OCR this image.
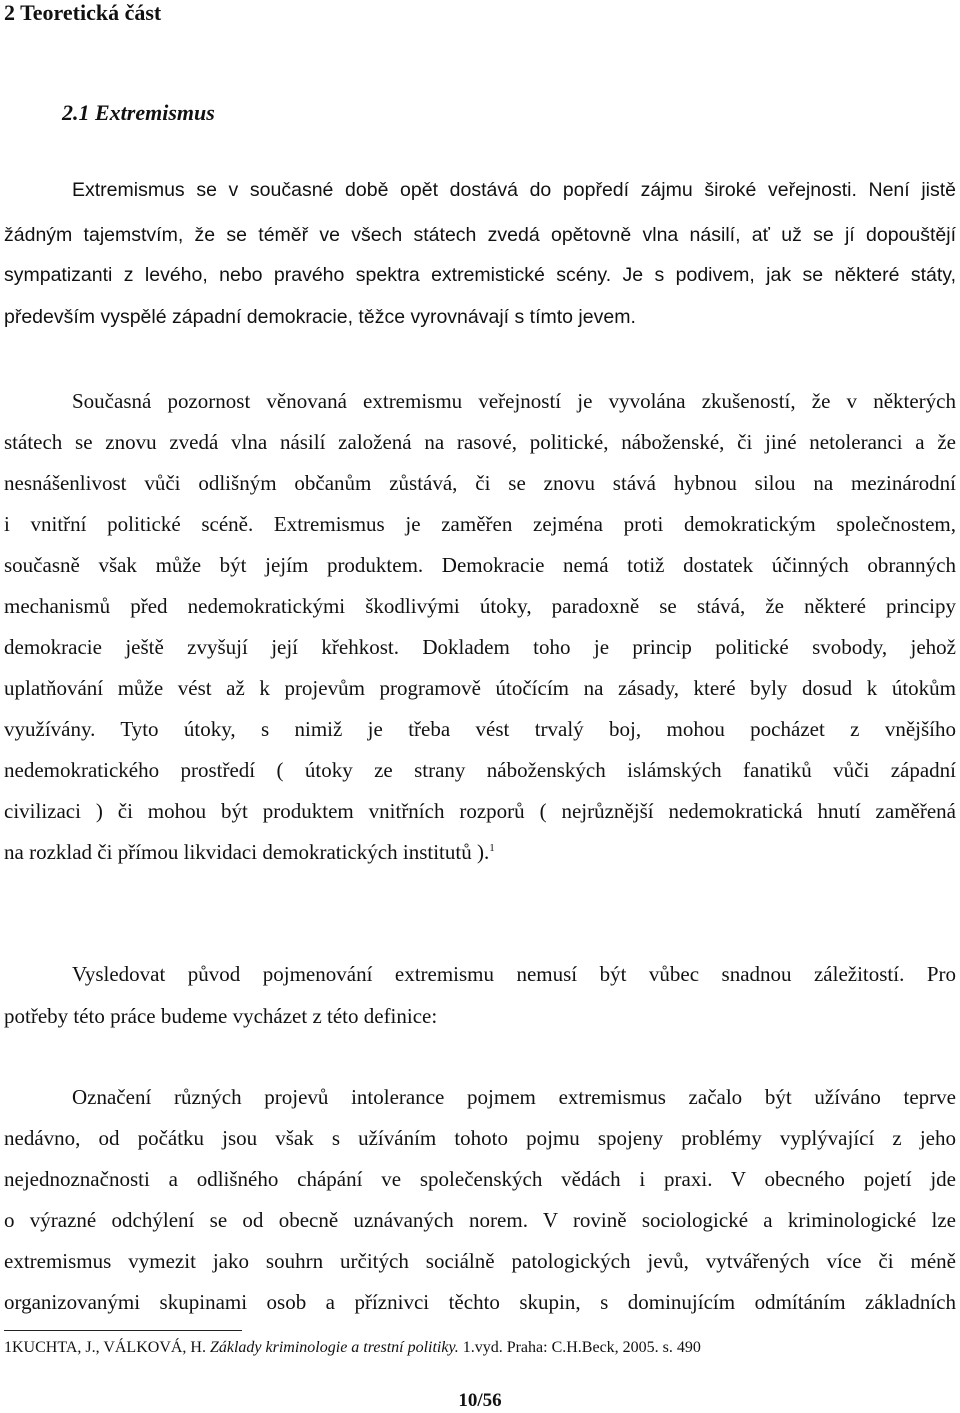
2 Teoretická část
2.1 Extremismus
Extremismus se v současné době opět dostává do popředí zájmu široké veřejnosti. Není jistě
žádným tajemstvím, že se téměř ve všech státech zvedá opětovně vlna násilí, ať už se jí dopouštějí
sympatizanti z levého, nebo pravého spektra extremistické scény. Je s podivem, jak se některé státy,
především vyspělé západní demokracie, těžce vyrovnávají s tímto jevem.
Současná pozornost věnovaná extremismu veřejností je vyvolána zkušeností, že v některých
státech se znovu zvedá vlna násilí založená na rasové, politické, náboženské, či jiné netoleranci a že
nesnášenlivost vůči odlišným občanům zůstává, či se znovu stává hybnou silou na mezinárodní
i vnitřní politické scéně. Extremismus je zaměřen zejména proti demokratickým společnostem,
současně však může být jejím produktem. Demokracie nemá totiž dostatek účinných obranných
mechanismů před nedemokratickými škodlivými útoky, paradoxně se stává, že některé principy
demokracie ještě zvyšují její křehkost. Dokladem toho je princip politické svobody, jehož
uplatňování může vést až k projevům programově útočícím na zásady, které byly dosud k útokům
využívány. Tyto útoky, s nimiž je třeba vést trvalý boj, mohou pocházet z vnějšího
nedemokratického prostředí ( útoky ze strany náboženských islámských fanatiků vůči západní
civilizaci ) či mohou být produktem vnitřních rozporů ( nejrůznější nedemokratická hnutí zaměřená
na rozklad či přímou likvidaci demokratických institutů ).$^1$
Vysledovat původ pojmenování extremismu nemusí být vůbec snadnou záležitostí. Pro
potřeby této práce budeme vycházet z této definice:
Označení různých projevů intolerance pojmem extremismus začalo být užíváno teprve
nedávno, od počátku jsou však s užíváním tohoto pojmu spojeny problémy vyplývající z jeho
nejednoznačnosti a odlišného chápání ve společenských vědách i praxi. V obecného pojetí jde
o výrazné odchýlení se od obecně uznávaných norem. V rovině sociologické a kriminologické lze
extremismus vymezit jako souhrn určitých sociálně patologických jevů, vytvářených více či méně
organizovanými skupinami osob a příznivci těchto skupin, s dominujícím odmítáním základních
1KUCHTA, J., VÁLKOVÁ, H. Základy kriminologie a trestní politiky. 1.vyd. Praha: C.H.Beck, 2005. s. 490
10/56
